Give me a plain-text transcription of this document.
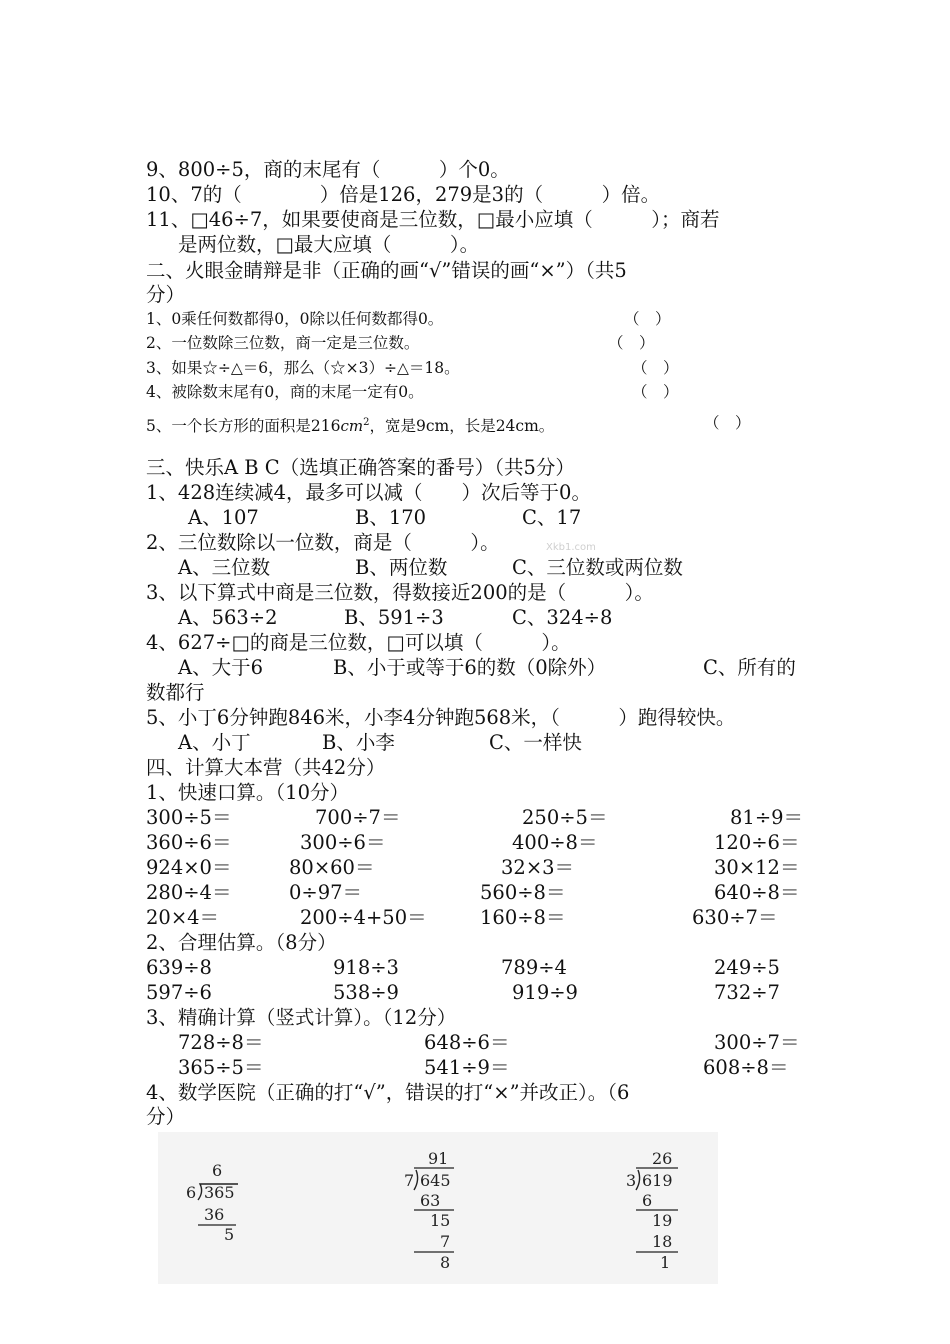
9、800÷5，商的末尾有（　　　）个0。
10、7的（　　　　）倍是126，279是3的（　　　）倍。
11、□46÷7，如果要使商是三位数，□最小应填（　　　）；商若
是两位数，□最大应填（　　　）。
二、火眼金睛辩是非（正确的画“√”错误的画“×”）（共5
分）
1、0乘任何数都得0，0除以任何数都得0。	（　）
2、一位数除三位数，商一定是三位数。	（　）
3、如果☆÷△＝6，那么（☆×3）÷△＝18。	（　）
4、被除数末尾有0，商的末尾一定有0。	（　）
5、一个长方形的面积是$216cm^2$，宽是9cm，长是24cm。	（　）
三、快乐A B C（选填正确答案的番号）（共5分）
1、428连续减4，最多可以减（　　）次后等于0。
A、107	B、170	C、17
2、三位数除以一位数，商是（　　　）。	Xkb1.com
A、三位数	B、两位数	C、三位数或两位数
3、以下算式中商是三位数，得数接近200的是（　　　）。
A、563÷2	B、591÷3	C、324÷8
4、627÷□的商是三位数，□可以填（　　　）。
A、大于6	B、小于或等于6的数（0除外）	C、所有的
数都行
5、小丁6分钟跑846米，小李4分钟跑568米，（　　　）跑得较快。
A、小丁	B、小李	C、一样快
四、计算大本营（共42分）
1、快速口算。（10分）
300÷5＝	700÷7＝	250÷5＝	81÷9＝
360÷6＝	300÷6＝	400÷8＝	120÷6＝
924×0＝	80×60＝	32×3＝	30×12＝
280÷4＝	0÷97＝	560÷8＝	640÷8＝
20×4＝	200÷4+50＝	160÷8＝	630÷7＝
2、合理估算。（8分）
639÷8	918÷3	789÷4	249÷5
597÷6	538÷9	919÷9	732÷7
3、精确计算（竖式计算）。（12分）
728÷8＝	648÷6＝	300÷7＝
365÷5＝	541÷9＝	608÷8＝
4、数学医院（正确的打“√”，错误的打“×”并改正）。（6
分）
6
6 365
36
5
91
7 645
63
15
7
8
26
3 619
6
19
18
1
